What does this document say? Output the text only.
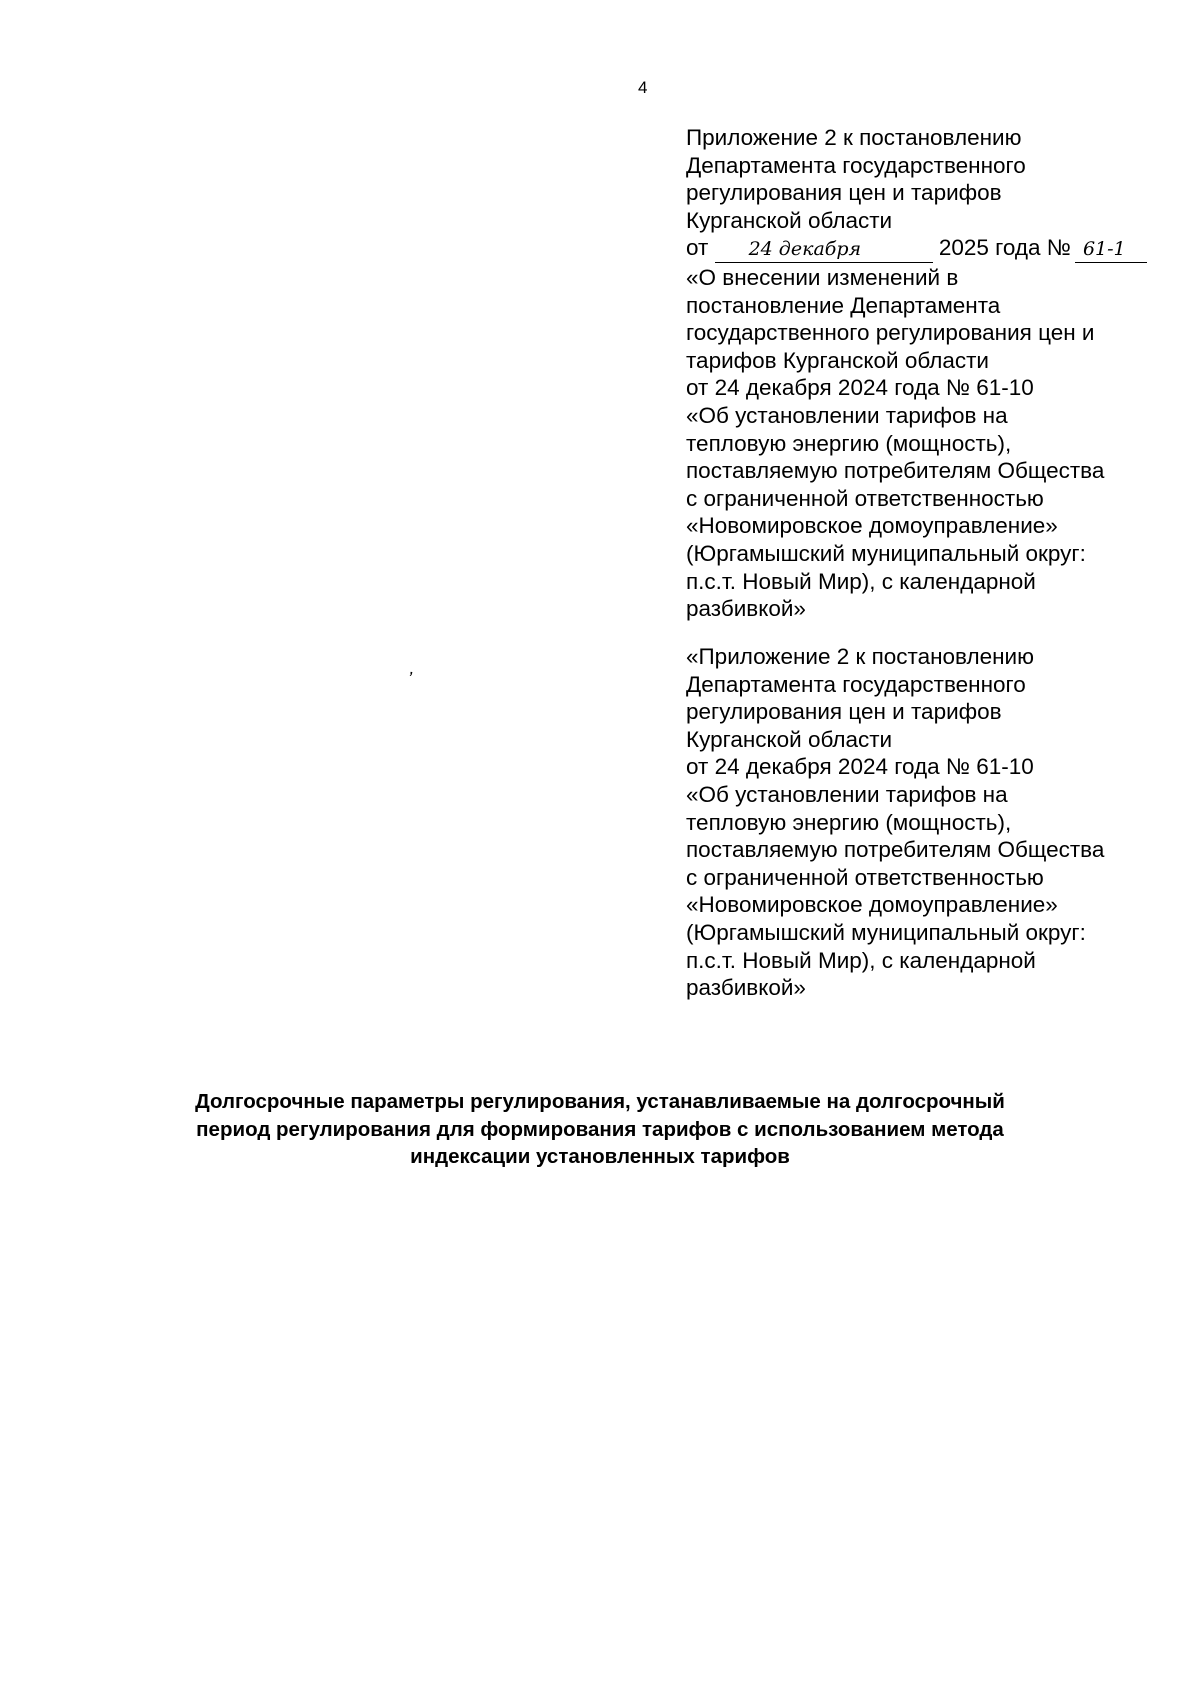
4
Приложение 2 к постановлению
Департамента государственного
регулирования цен и тарифов
Курганской области
от 24 декабря	2025 года № 61-1
«О внесении изменений в
постановление Департамента
государственного регулирования цен и
тарифов Курганской области
от 24 декабря 2024 года № 61-10
«Об установлении тарифов на
тепловую энергию (мощность),
поставляемую потребителям Общества
с ограниченной ответственностью
«Новомировское домоуправление»
(Юргамышский муниципальный округ:
п.с.т. Новый Мир), с календарной
разбивкой»
,	«Приложение 2 к постановлению
Департамента государственного
регулирования цен и тарифов
Курганской области
от 24 декабря 2024 года № 61-10
«Об установлении тарифов на
тепловую энергию (мощность),
поставляемую потребителям Общества
с ограниченной ответственностью
«Новомировское домоуправление»
(Юргамышский муниципальный округ:
п.с.т. Новый Мир), с календарной
разбивкой»
Долгосрочные параметры регулирования, устанавливаемые на долгосрочный
период регулирования для формирования тарифов с использованием метода
индексации установленных тарифов
